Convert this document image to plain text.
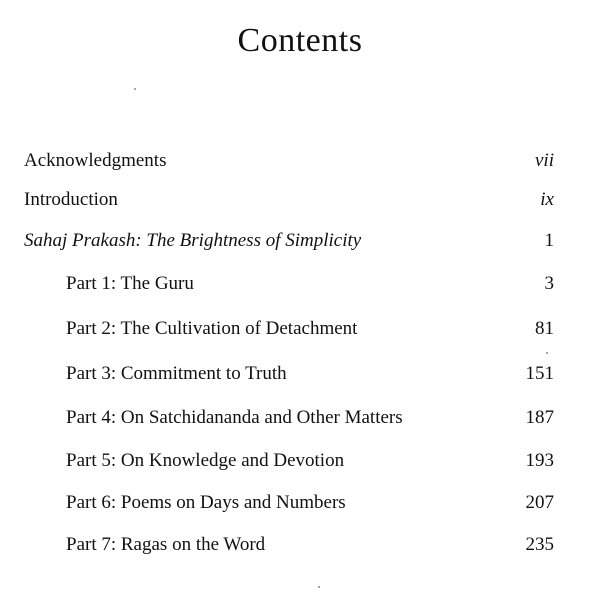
Contents
Acknowledgments	vii
Introduction	ix
Sahaj Prakash: The Brightness of Simplicity	1
Part 1: The Guru	3
Part 2: The Cultivation of Detachment	81
Part 3: Commitment to Truth	151
Part 4: On Satchidananda and Other Matters	187
Part 5: On Knowledge and Devotion	193
Part 6: Poems on Days and Numbers	207
Part 7: Ragas on the Word	235
